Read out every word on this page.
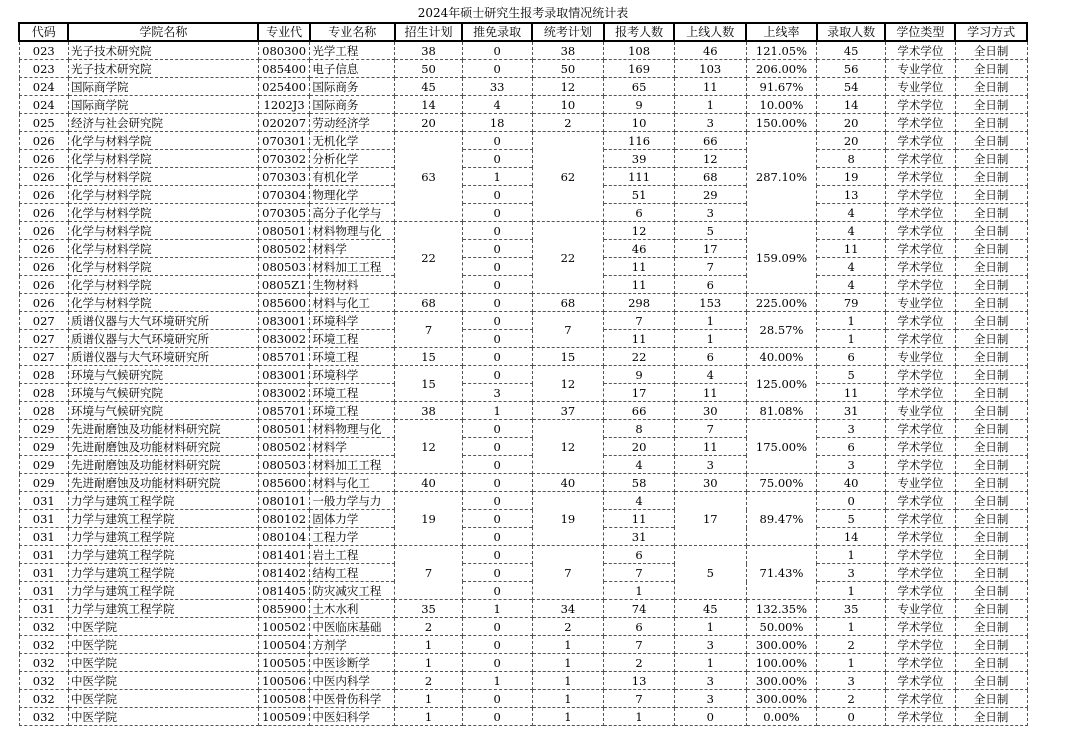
2024年硕士研究生报考录取情况统计表
代码	学院名称	专业代	专业名称	招生计划	推免录取	统考计划	报考人数	上线人数	上线率	录取人数	学位类型	学习方式
023	光子技术研究院	080300	光学工程	38	0	38	108	46	121.05%	45	学术学位	全日制
023	光子技术研究院	085400	电子信息	50	0	50	169	103	206.00%	56	专业学位	全日制
024	国际商学院	025400	国际商务	45	33	12	65	11	91.67%	54	专业学位	全日制
024	国际商学院	1202J3	国际商务	14	4	10	9	1	10.00%	14	学术学位	全日制
025	经济与社会研究院	020207	劳动经济学	20	18	2	10	3	150.00%	20	学术学位	全日制
026	化学与材料学院	070301	无机化学	63	0	62	116	66	287.10%	20	学术学位	全日制
026	化学与材料学院	070302	分析化学		0		39	12		8	学术学位	全日制
026	化学与材料学院	070303	有机化学		1		111	68		19	学术学位	全日制
026	化学与材料学院	070304	物理化学		0		51	29		13	学术学位	全日制
026	化学与材料学院	070305	高分子化学与		0		6	3		4	学术学位	全日制
026	化学与材料学院	080501	材料物理与化	22	0	22	12	5	159.09%	4	学术学位	全日制
026	化学与材料学院	080502	材料学		0		46	17		11	学术学位	全日制
026	化学与材料学院	080503	材料加工工程		0		11	7		4	学术学位	全日制
026	化学与材料学院	0805Z1	生物材料		0		11	6		4	学术学位	全日制
026	化学与材料学院	085600	材料与化工	68	0	68	298	153	225.00%	79	专业学位	全日制
027	质谱仪器与大气环境研究所	083001	环境科学	7	0	7	7	1	28.57%	1	学术学位	全日制
027	质谱仪器与大气环境研究所	083002	环境工程		0		11	1		1	学术学位	全日制
027	质谱仪器与大气环境研究所	085701	环境工程	15	0	15	22	6	40.00%	6	专业学位	全日制
028	环境与气候研究院	083001	环境科学	15	0	12	9	4	125.00%	5	学术学位	全日制
028	环境与气候研究院	083002	环境工程		3		17	11		11	学术学位	全日制
028	环境与气候研究院	085701	环境工程	38	1	37	66	30	81.08%	31	专业学位	全日制
029	先进耐磨蚀及功能材料研究院	080501	材料物理与化	12	0	12	8	7	175.00%	3	学术学位	全日制
029	先进耐磨蚀及功能材料研究院	080502	材料学		0		20	11		6	学术学位	全日制
029	先进耐磨蚀及功能材料研究院	080503	材料加工工程		0		4	3		3	学术学位	全日制
029	先进耐磨蚀及功能材料研究院	085600	材料与化工	40	0	40	58	30	75.00%	40	专业学位	全日制
031	力学与建筑工程学院	080101	一般力学与力	19	0	19	4	17	89.47%	0	学术学位	全日制
031	力学与建筑工程学院	080102	固体力学		0		11			5	学术学位	全日制
031	力学与建筑工程学院	080104	工程力学		0		31			14	学术学位	全日制
031	力学与建筑工程学院	081401	岩土工程	7	0	7	6	5	71.43%	1	学术学位	全日制
031	力学与建筑工程学院	081402	结构工程		0		7			3	学术学位	全日制
031	力学与建筑工程学院	081405	防灾减灾工程		0		1			1	学术学位	全日制
031	力学与建筑工程学院	085900	土木水利	35	1	34	74	45	132.35%	35	专业学位	全日制
032	中医学院	100502	中医临床基础	2	0	2	6	1	50.00%	1	学术学位	全日制
032	中医学院	100504	方剂学	1	0	1	7	3	300.00%	2	学术学位	全日制
032	中医学院	100505	中医诊断学	1	0	1	2	1	100.00%	1	学术学位	全日制
032	中医学院	100506	中医内科学	2	1	1	13	3	300.00%	3	学术学位	全日制
032	中医学院	100508	中医骨伤科学	1	0	1	7	3	300.00%	2	学术学位	全日制
032	中医学院	100509	中医妇科学	1	0	1	1	0	0.00%	0	学术学位	全日制
